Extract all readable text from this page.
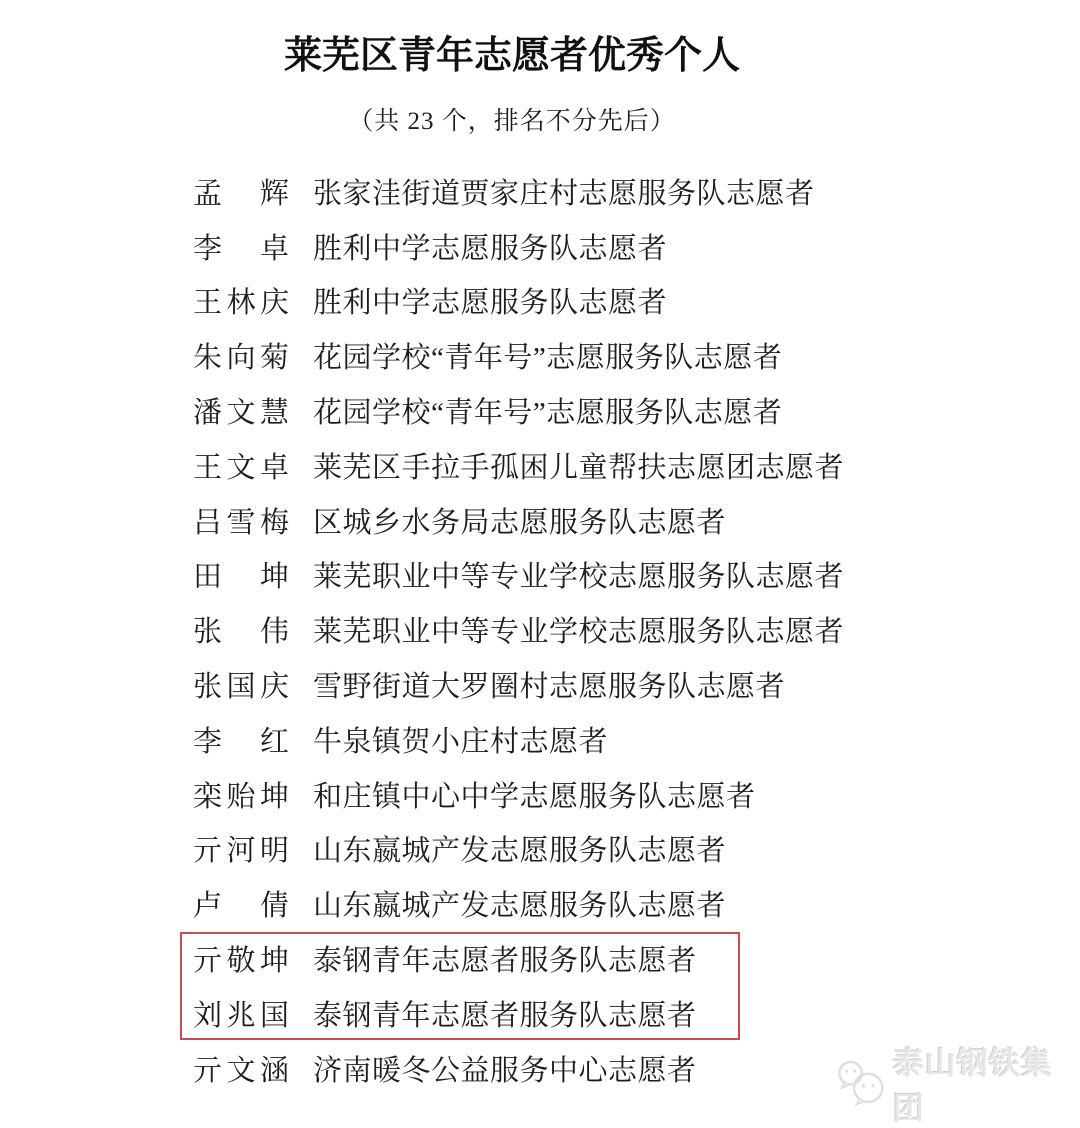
莱芜区青年志愿者优秀个人
（共 23 个，排名不分先后）
孟辉 张家洼街道贾家庄村志愿服务队志愿者
李卓 胜利中学志愿服务队志愿者
王林庆 胜利中学志愿服务队志愿者
朱向菊 花园学校“青年号”志愿服务队志愿者
潘文慧 花园学校“青年号”志愿服务队志愿者
王文卓 莱芜区手拉手孤困儿童帮扶志愿团志愿者
吕雪梅 区城乡水务局志愿服务队志愿者
田坤 莱芜职业中等专业学校志愿服务队志愿者
张伟 莱芜职业中等专业学校志愿服务队志愿者
张国庆 雪野街道大罗圈村志愿服务队志愿者
李红 牛泉镇贺小庄村志愿者
栾贻坤 和庄镇中心中学志愿服务队志愿者
亓河明 山东嬴城产发志愿服务队志愿者
卢倩 山东嬴城产发志愿服务队志愿者
亓敬坤 泰钢青年志愿者服务队志愿者
刘兆国 泰钢青年志愿者服务队志愿者
亓文涵 济南暖冬公益服务中心志愿者	泰山钢铁集团
